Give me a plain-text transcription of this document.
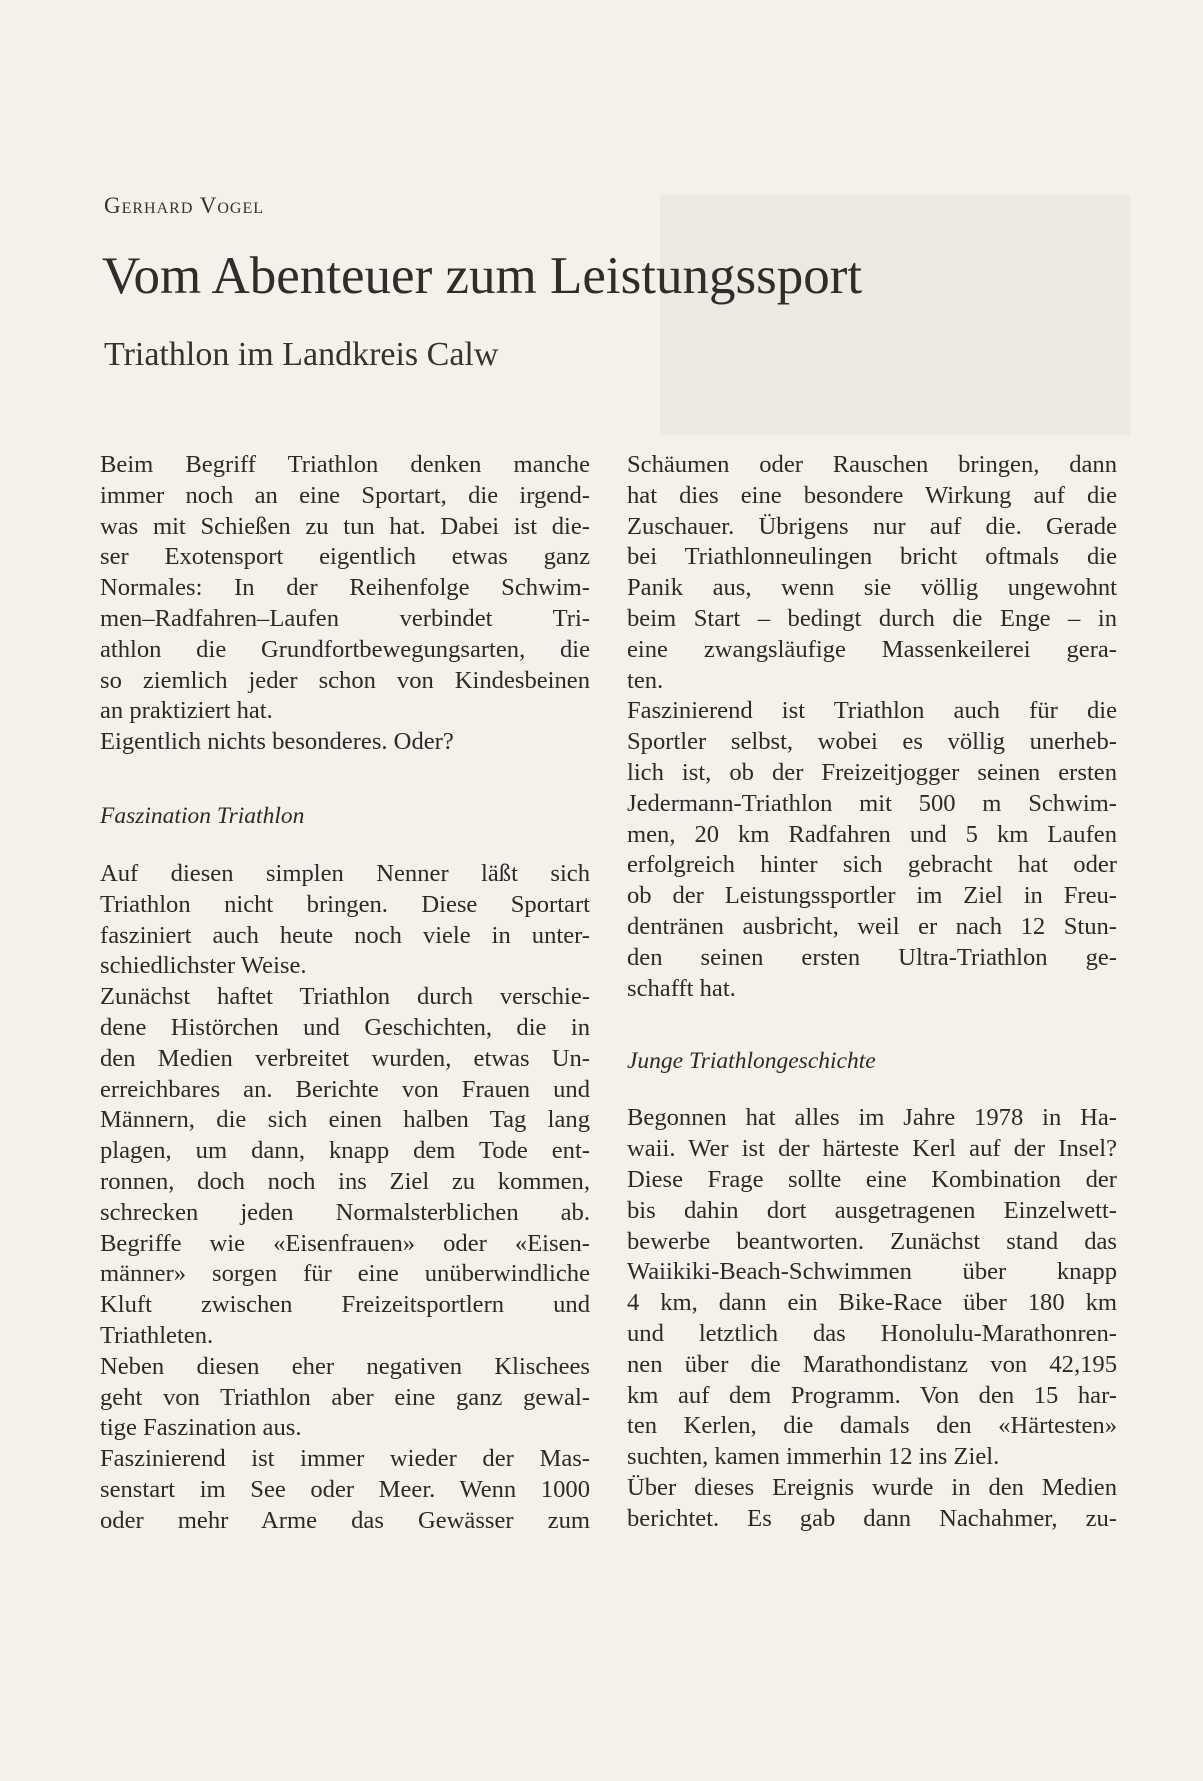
Gerhard Vogel
Vom Abenteuer zum Leistungssport
Triathlon im Landkreis Calw

Beim Begriff Triathlon denken manche
immer noch an eine Sportart, die irgend-
was mit Schießen zu tun hat. Dabei ist die-
ser Exotensport eigentlich etwas ganz
Normales: In der Reihenfolge Schwim-
men–Radfahren–Laufen verbindet Tri-
athlon die Grundfortbewegungsarten, die
so ziemlich jeder schon von Kindesbeinen
an praktiziert hat.

Eigentlich nichts besonderes. Oder?

Faszination Triathlon

Auf diesen simplen Nenner läßt sich
Triathlon nicht bringen. Diese Sportart
fasziniert auch heute noch viele in unter-
schiedlichster Weise.

Zunächst haftet Triathlon durch verschie-
dene Histörchen und Geschichten, die in
den Medien verbreitet wurden, etwas Un-
erreichbares an. Berichte von Frauen und
Männern, die sich einen halben Tag lang
plagen, um dann, knapp dem Tode ent-
ronnen, doch noch ins Ziel zu kommen,
schrecken jeden Normalsterblichen ab.
Begriffe wie «Eisenfrauen» oder «Eisen-
männer» sorgen für eine unüberwindliche
Kluft zwischen Freizeitsportlern und
Triathleten.

Neben diesen eher negativen Klischees
geht von Triathlon aber eine ganz gewal-
tige Faszination aus.

Faszinierend ist immer wieder der Mas-
senstart im See oder Meer. Wenn 1000
oder mehr Arme das Gewässer zum

Schäumen oder Rauschen bringen, dann
hat dies eine besondere Wirkung auf die
Zuschauer. Übrigens nur auf die. Gerade
bei Triathlonneulingen bricht oftmals die
Panik aus, wenn sie völlig ungewohnt
beim Start – bedingt durch die Enge – in
eine zwangsläufige Massenkeilerei gera-
ten.

Faszinierend ist Triathlon auch für die
Sportler selbst, wobei es völlig unerheb-
lich ist, ob der Freizeitjogger seinen ersten
Jedermann-Triathlon mit 500 m Schwim-
men, 20 km Radfahren und 5 km Laufen
erfolgreich hinter sich gebracht hat oder
ob der Leistungssportler im Ziel in Freu-
dentränen ausbricht, weil er nach 12 Stun-
den seinen ersten Ultra-Triathlon ge-
schafft hat.

Junge Triathlongeschichte

Begonnen hat alles im Jahre 1978 in Ha-
waii. Wer ist der härteste Kerl auf der Insel?
Diese Frage sollte eine Kombination der
bis dahin dort ausgetragenen Einzelwett-
bewerbe beantworten. Zunächst stand das
Waiikiki-Beach-Schwimmen über knapp
4 km, dann ein Bike-Race über 180 km
und letztlich das Honolulu-Marathonren-
nen über die Marathondistanz von 42,195
km auf dem Programm. Von den 15 har-
ten Kerlen, die damals den «Härtesten»
suchten, kamen immerhin 12 ins Ziel.

Über dieses Ereignis wurde in den Medien
berichtet. Es gab dann Nachahmer, zu-
